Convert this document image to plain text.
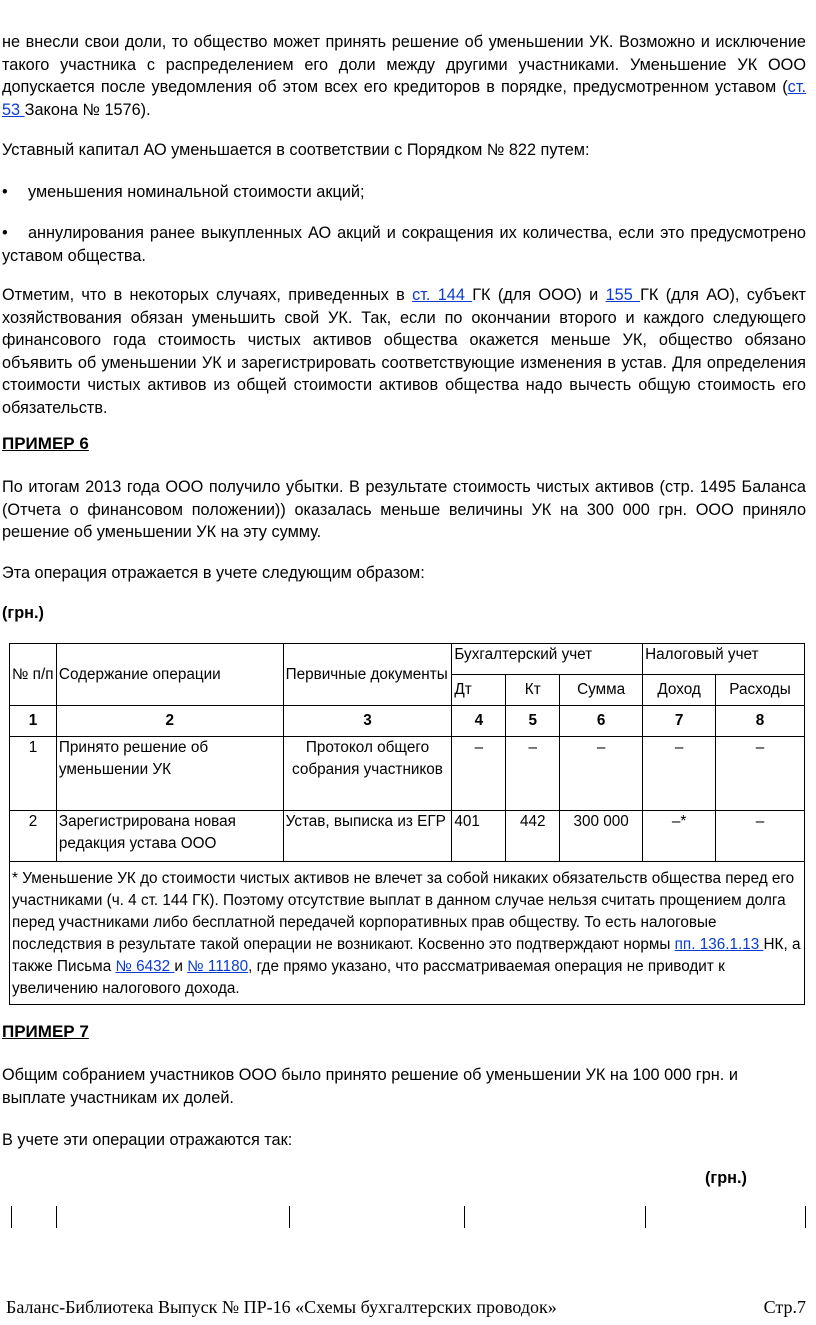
не внесли свои доли, то общество может принять решение об уменьшении УК. Возможно и исключение такого участника с распределением его доли между другими участниками. Уменьшение УК ООО допускается после уведомления об этом всех его кредиторов в порядке, предусмотренном уставом (ст. 53 Закона № 1576).

Уставный капитал АО уменьшается в соответствии с Порядком № 822 путем:

• уменьшения номинальной стоимости акций;
• аннулирования ранее выкупленных АО акций и сокращения их количества, если это предусмотрено уставом общества.

Отметим, что в некоторых случаях, приведенных в ст. 144 ГК (для ООО) и 155 ГК (для АО), субъект хозяйствования обязан уменьшить свой УК. Так, если по окончании второго и каждого следующего финансового года стоимость чистых активов общества окажется меньше УК, общество обязано объявить об уменьшении УК и зарегистрировать соответствующие изменения в устав. Для определения стоимости чистых активов из общей стоимости активов общества надо вычесть общую стоимость его обязательств.

ПРИМЕР 6

По итогам 2013 года ООО получило убытки. В результате стоимость чистых активов (стр. 1495 Баланса (Отчета о финансовом положении)) оказалась меньше величины УК на 300 000 грн. ООО приняло решение об уменьшении УК на эту сумму.

Эта операция отражается в учете следующим образом:

(грн.)
№ п/п	Содержание операции	Первичные документы	Бухгалтерский учет			Налоговый учет	
			Дт	Кт	Сумма	Доход	Расходы
1	2	3	4	5	6	7	8
1	Принято решение об уменьшении УК	Протокол общего собрания участников	–	–	–	–	–
2	Зарегистрирована новая редакция устава ООО	Устав, выписка из ЕГР	401	442	300 000	–*	–
* Уменьшение УК до стоимости чистых активов не влечет за собой никаких обязательств общества перед его участниками (ч. 4 ст. 144 ГК). Поэтому отсутствие выплат в данном случае нельзя считать прощением долга перед участниками либо бесплатной передачей корпоративных прав обществу. То есть налоговые последствия в результате такой операции не возникают. Косвенно это подтверждают нормы пп. 136.1.13 НК, а также Письма № 6432 и № 11180, где прямо указано, что рассматриваемая операция не приводит к увеличению налогового дохода.							
ПРИМЕР 7

Общим собранием участников ООО было принято решение об уменьшении УК на 100 000 грн. и выплате участникам их долей.

В учете эти операции отражаются так:

(грн.)
Баланс-Библиотека Выпуск № ПР-16 «Схемы бухгалтерских проводок»	Стр.7
